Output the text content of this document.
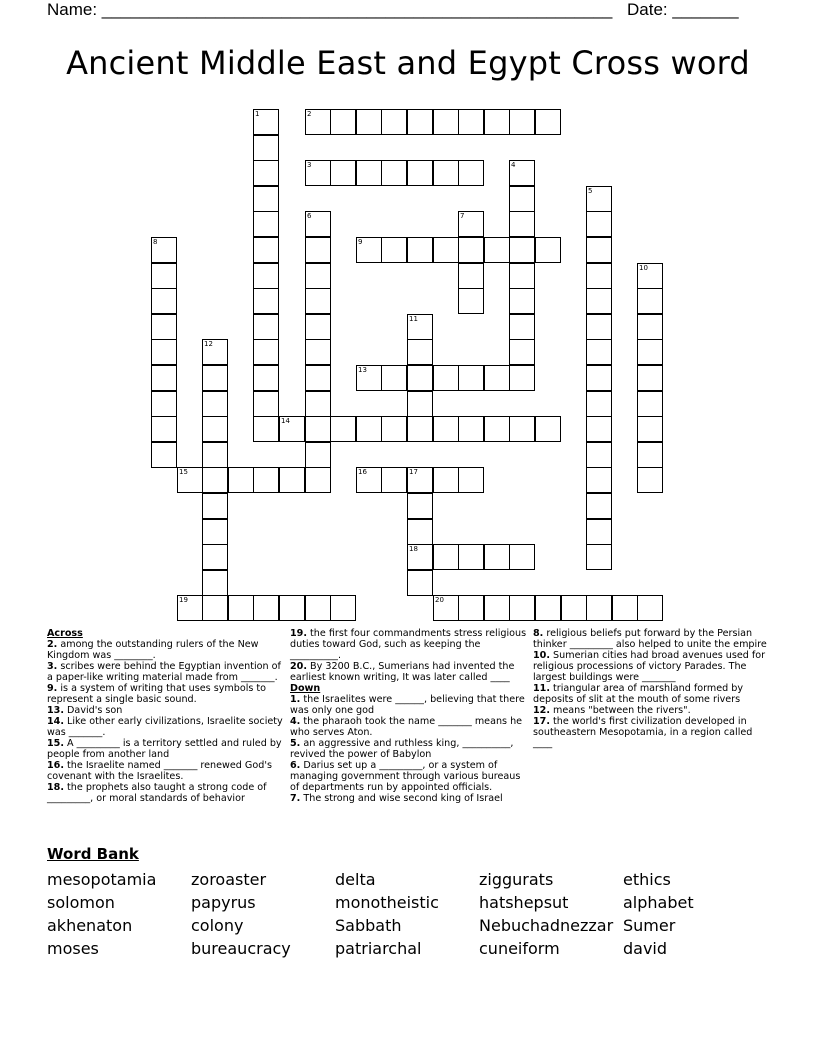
Name: ______________________________________________________ Date: _______
Ancient Middle East and Egypt Cross word
2
3
9
13
14
15	16	17
18
19	20
1
4
5
6	7
8
10
11
12
Across

2. among the outstanding rulers of the New Kingdom was ________.

3. scribes were behind the Egyptian invention of a paper-like writing material made from _______.

9. is a system of writing that uses symbols to represent a single basic sound.

13. David's son

14. Like other early civilizations, Israelite society was _______.

15. A _________ is a territory settled and ruled by people from another land

16. the Israelite named _______ renewed God's covenant with the Israelites.

18. the prophets also taught a strong code of _________, or moral standards of behavior

19. the first four commandments stress religious duties toward God, such as keeping the __________.

20. By 3200 B.C., Sumerians had invented the earliest known writing, It was later called ____

Down

1. the Israelites were ______, believing that there was only one god

4. the pharaoh took the name _______ means he who serves Aton.

5. an aggressive and ruthless king, __________, revived the power of Babylon

6. Darius set up a _________, or a system of managing government through various bureaus of departments run by appointed officials.

7. The strong and wise second king of Israel

8. religious beliefs put forward by the Persian thinker _________ also helped to unite the empire

10. Sumerian cities had broad avenues used for religious processions of victory Parades. The largest buildings were _______

11. triangular area of marshland formed by deposits of slit at the mouth of some rivers

12. means "between the rivers".

17. the world's first civilization developed in southeastern Mesopotamia, in a region called ____

Word Bank
mesopotamia	zoroaster	delta	ziggurats	ethics
solomon	papyrus	monotheistic	hatshepsut	alphabet
akhenaton	colony	Sabbath	Nebuchadnezzar Sumer
moses	bureaucracy	patriarchal	cuneiform	david
